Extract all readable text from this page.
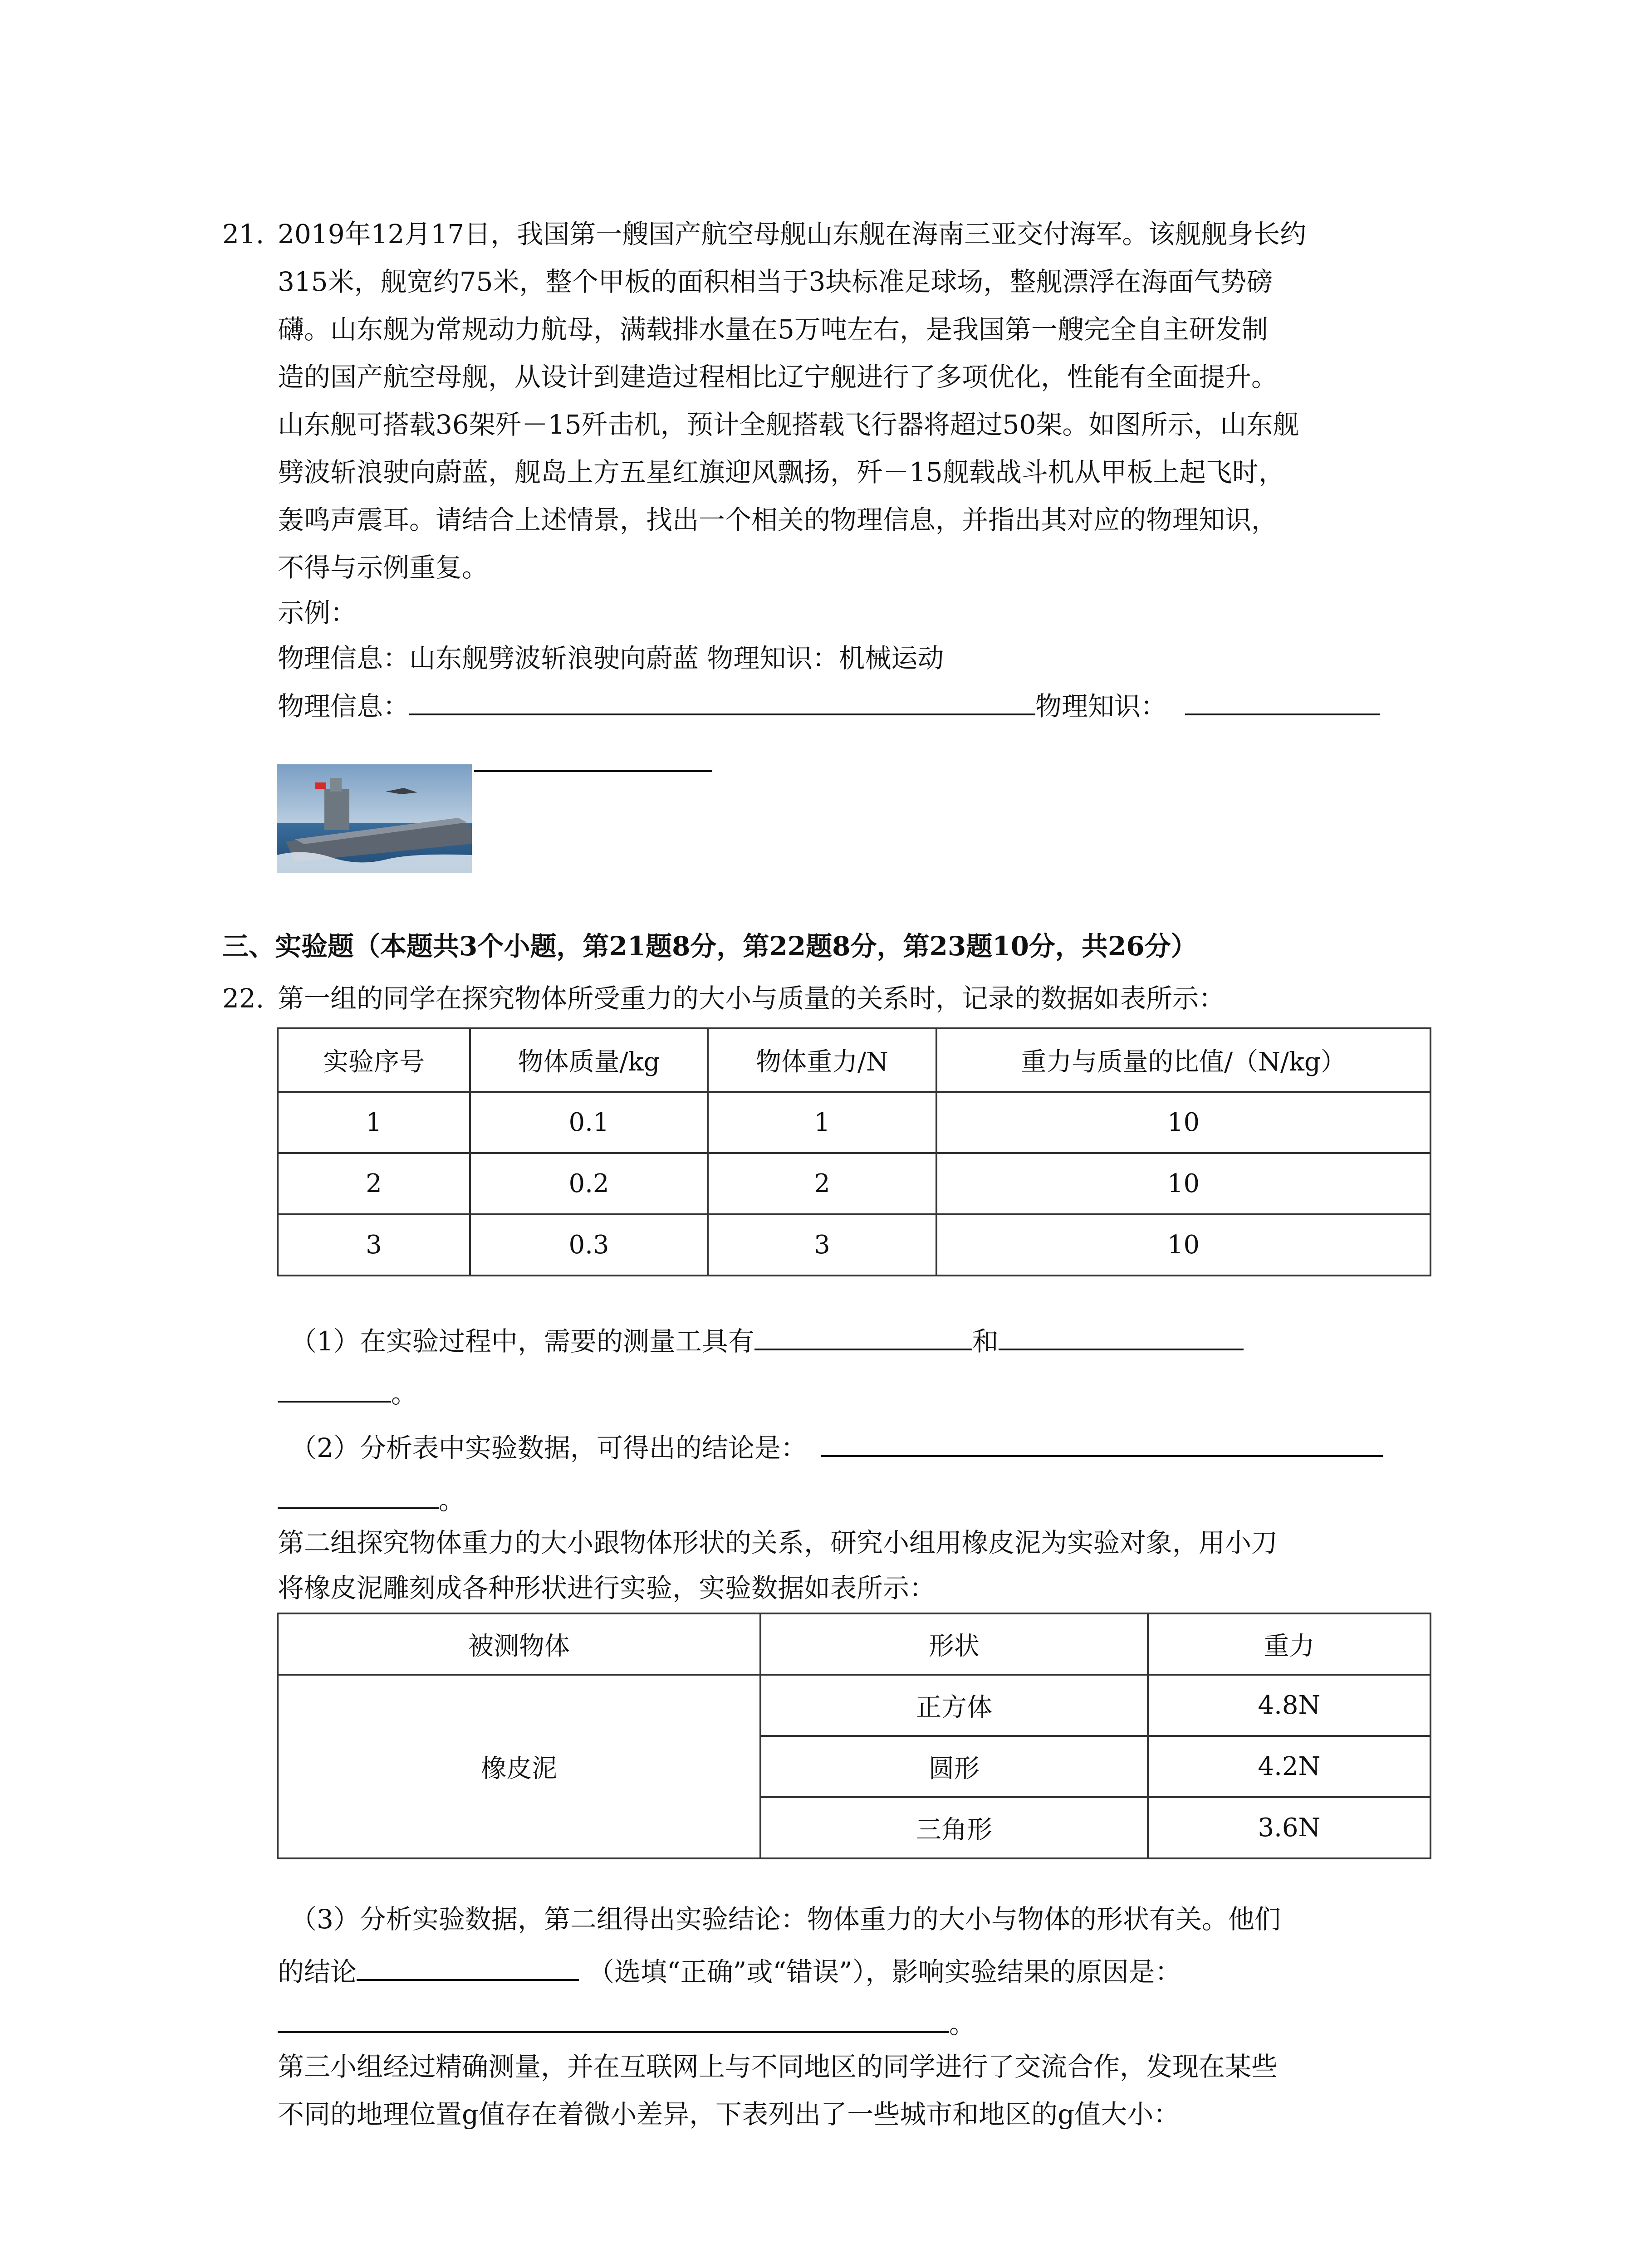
21. 2019年12月17日，我国第一艘国产航空母舰山东舰在海南三亚交付海军。该舰舰身长约
315米，舰宽约75米，整个甲板的面积相当于3块标准足球场，整舰漂浮在海面气势磅
礴。山东舰为常规动力航母，满载排水量在5万吨左右，是我国第一艘完全自主研发制
造的国产航空母舰，从设计到建造过程相比辽宁舰进行了多项优化，性能有全面提升。
山东舰可搭载36架歼－15歼击机，预计全舰搭载飞行器将超过50架。如图所示，山东舰
劈波斩浪驶向蔚蓝，舰岛上方五星红旗迎风飘扬，歼－15舰载战斗机从甲板上起飞时，
轰鸣声震耳。请结合上述情景，找出一个相关的物理信息，并指出其对应的物理知识，
不得与示例重复。
示例：
物理信息：山东舰劈波斩浪驶向蔚蓝 物理知识：机械运动
物理信息：	物理知识：
三、实验题（本题共3个小题，第21题8分，第22题8分，第23题10分，共26分）
22. 第一组的同学在探究物体所受重力的大小与质量的关系时，记录的数据如表所示：
实验序号	物体质量/kg	物体重力/N	重力与质量的比值/（N/kg）
1	0.1	1	10
2	0.2	2	10
3	0.3	3	10
（1）在实验过程中，需要的测量工具有	和
。
（2）分析表中实验数据，可得出的结论是：
。
第二组探究物体重力的大小跟物体形状的关系，研究小组用橡皮泥为实验对象，用小刀
将橡皮泥雕刻成各种形状进行实验，实验数据如表所示：
被测物体	形状	重力
橡皮泥	正方体	4.8N
	圆形	4.2N
	三角形	3.6N
（3）分析实验数据，第二组得出实验结论：物体重力的大小与物体的形状有关。他们
的结论	（选填“正确”或“错误”），影响实验结果的原因是：
。
第三小组经过精确测量，并在互联网上与不同地区的同学进行了交流合作，发现在某些
不同的地理位置g值存在着微小差异，下表列出了一些城市和地区的g值大小：
